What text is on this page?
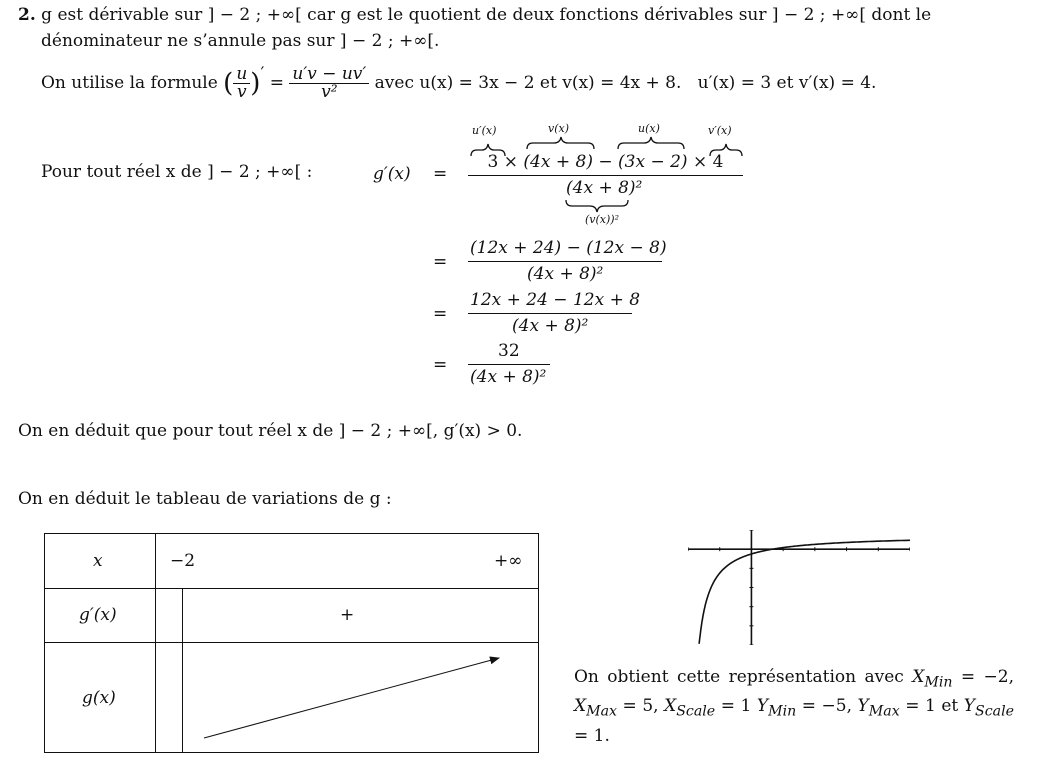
2. g est dérivable sur ] − 2 ; +∞[ car g est le quotient de deux fonctions dérivables sur ] − 2 ; +∞[ dont le
dénominateur ne s’annule pas sur ] − 2 ; +∞[.
On utilise la formule ( $\frac{u}{v}$ )′ = $\frac{u'v - uv'}{\text{v²}}$ avec u(x) = 3x − 2 et v(x) = 4x + 8. u′(x) = 3 et v′(x) = 4.
Pour tout réel x de ] − 2 ; +∞[ :	g′(x) =
u′(x)	v(x)	u(x)	v′(x)
(v(x))²
3 × (4x + 8) − (3x − 2) × 4
(4x + 8)²
=
(12x + 24) − (12x − 8)
(4x + 8)²
=
12x + 24 − 12x + 8
(4x + 8)²
=
32
(4x + 8)²
On en déduit que pour tout réel x de ] − 2 ; +∞[, g′(x) > 0.
On en déduit le tableau de variations de g :
x	−2	+∞
g′(x)	+
g(x)
On obtient cette représentation avec $X_{Min} = -2$, $X_{Max} = 5$, $X_{Scale} = 1$ $Y_{Min} = -5$, $Y_{Max} = 1$ et $Y_{Scale} = 1$.
